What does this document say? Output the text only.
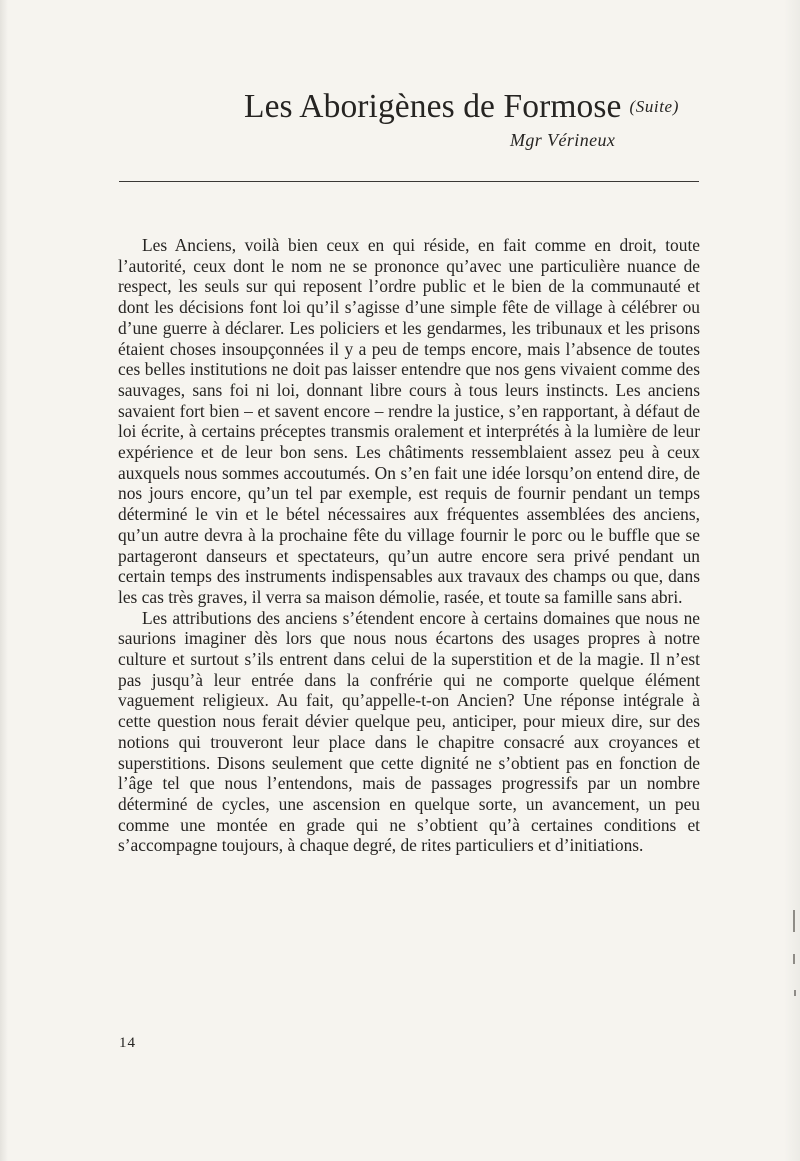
Les Aborigènes de Formose (Suite)
Mgr Vérineux

Les Anciens, voilà bien ceux en qui réside, en fait comme en droit, toute l’autorité, ceux dont le nom ne se prononce qu’avec une particulière nuance de respect, les seuls sur qui reposent l’ordre public et le bien de la communauté et dont les décisions font loi qu’il s’agisse d’une simple fête de village à célébrer ou d’une guerre à déclarer. Les policiers et les gendarmes, les tribunaux et les prisons étaient choses insoupçonnées il y a peu de temps encore, mais l’absence de toutes ces belles institutions ne doit pas laisser entendre que nos gens vivaient comme des sauvages, sans foi ni loi, donnant libre cours à tous leurs instincts. Les anciens savaient fort bien – et savent encore – rendre la justice, s’en rapportant, à défaut de loi écrite, à certains préceptes transmis oralement et interprétés à la lumière de leur expérience et de leur bon sens. Les châtiments ressemblaient assez peu à ceux auxquels nous sommes accoutumés. On s’en fait une idée lorsqu’on entend dire, de nos jours encore, qu’un tel par exemple, est requis de fournir pendant un temps déterminé le vin et le bétel nécessaires aux fréquentes assemblées des anciens, qu’un autre devra à la prochaine fête du village fournir le porc ou le buffle que se partageront danseurs et spectateurs, qu’un autre encore sera privé pendant un certain temps des instruments indispensables aux travaux des champs ou que, dans les cas très graves, il verra sa maison démolie, rasée, et toute sa famille sans abri.

Les attributions des anciens s’étendent encore à certains domaines que nous ne saurions imaginer dès lors que nous nous écartons des usages propres à notre culture et surtout s’ils entrent dans celui de la superstition et de la magie. Il n’est pas jusqu’à leur entrée dans la confrérie qui ne comporte quelque élément vaguement religieux. Au fait, qu’appelle-t-on Ancien? Une réponse intégrale à cette question nous ferait dévier quelque peu, anticiper, pour mieux dire, sur des notions qui trouveront leur place dans le chapitre consacré aux croyances et superstitions. Disons seulement que cette dignité ne s’obtient pas en fonction de l’âge tel que nous l’entendons, mais de passages progressifs par un nombre déterminé de cycles, une ascension en quelque sorte, un avancement, un peu comme une montée en grade qui ne s’obtient qu’à certaines conditions et s’accompagne toujours, à chaque degré, de rites particuliers et d’initiations.

14
